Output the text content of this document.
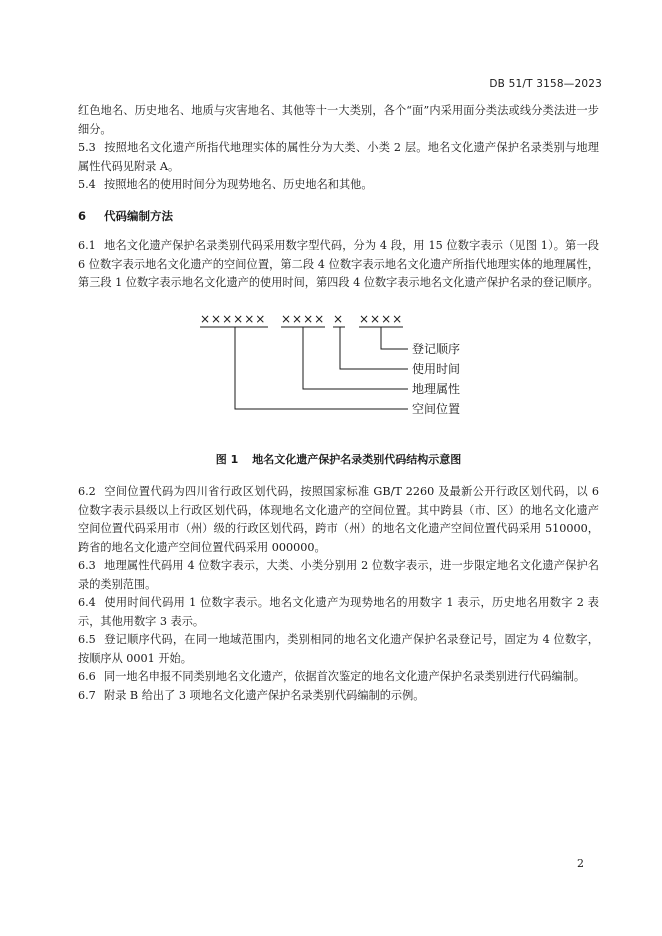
DB 51/T 3158—2023

红色地名、历史地名、地质与灾害地名、其他等十一大类别，各个“面”内采用面分类法或线分类法进一步细分。

5.3 按照地名文化遗产所指代地理实体的属性分为大类、小类 2 层。地名文化遗产保护名录类别与地理属性代码见附录 A。

5.4 按照地名的使用时间分为现势地名、历史地名和其他。

6 代码编制方法

6.1 地名文化遗产保护名录类别代码采用数字型代码，分为 4 段，用 15 位数字表示（见图 1）。第一段 6 位数字表示地名文化遗产的空间位置，第二段 4 位数字表示地名文化遗产所指代地理实体的地理属性，第三段 1 位数字表示地名文化遗产的使用时间，第四段 4 位数字表示地名文化遗产保护名录的登记顺序。

×××××× ×××× × ××××
登记顺序
使用时间
地理属性
空间位置

图 1 地名文化遗产保护名录类别代码结构示意图

6.2 空间位置代码为四川省行政区划代码，按照国家标准 GB/T 2260 及最新公开行政区划代码，以 6 位数字表示县级以上行政区划代码，体现地名文化遗产的空间位置。其中跨县（市、区）的地名文化遗产空间位置代码采用市（州）级的行政区划代码，跨市（州）的地名文化遗产空间位置代码采用 510000，跨省的地名文化遗产空间位置代码采用 000000。

6.3 地理属性代码用 4 位数字表示，大类、小类分别用 2 位数字表示，进一步限定地名文化遗产保护名录的类别范围。

6.4 使用时间代码用 1 位数字表示。地名文化遗产为现势地名的用数字 1 表示，历史地名用数字 2 表示，其他用数字 3 表示。

6.5 登记顺序代码，在同一地域范围内，类别相同的地名文化遗产保护名录登记号，固定为 4 位数字，按顺序从 0001 开始。

6.6 同一地名申报不同类别地名文化遗产，依据首次鉴定的地名文化遗产保护名录类别进行代码编制。

6.7 附录 B 给出了 3 项地名文化遗产保护名录类别代码编制的示例。

2
